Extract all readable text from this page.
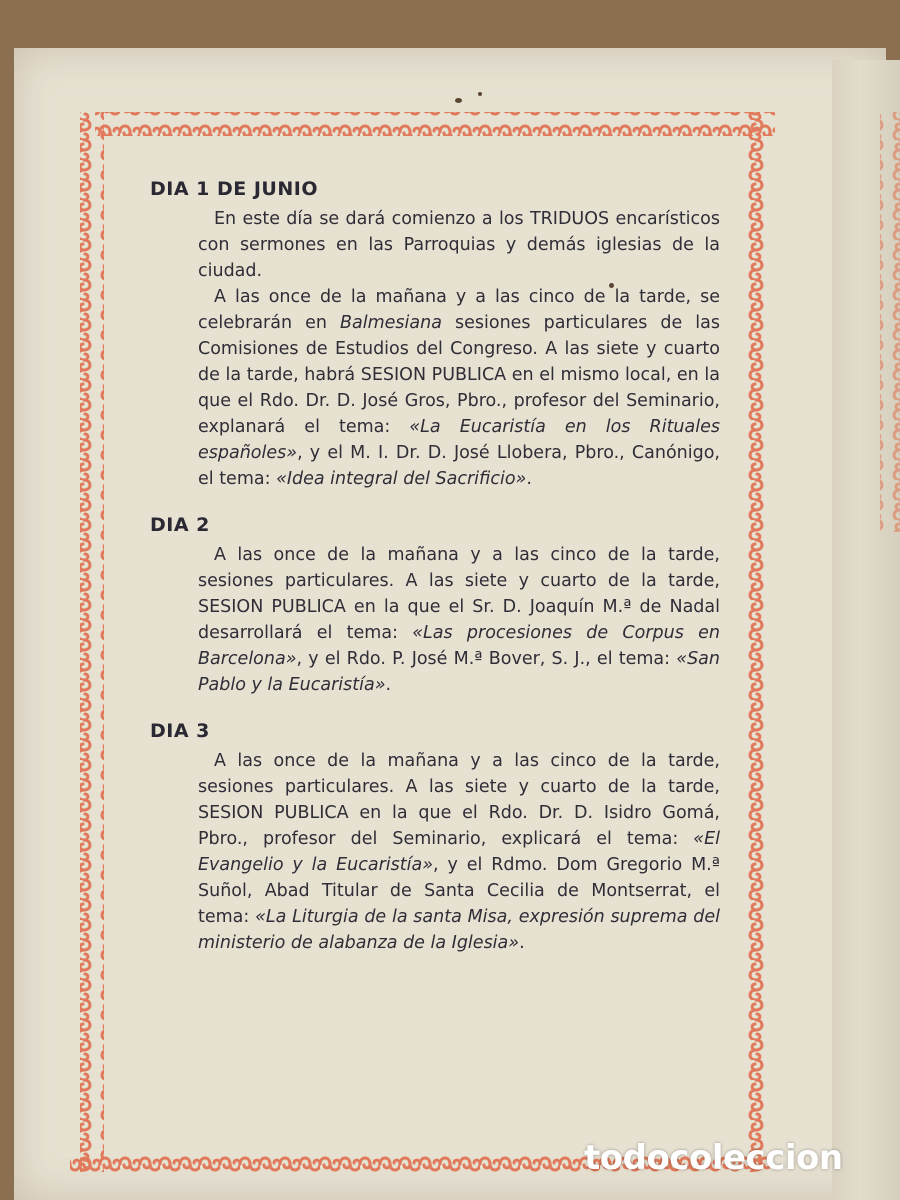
DIA 1 DE JUNIO

En este día se dará comienzo a los TRIDUOS encarísticos con sermones en las Parroquias y demás iglesias de la ciudad.

A las once de la mañana y a las cinco de la tarde, se celebrarán en Balmesiana sesiones particulares de las Comisiones de Estudios del Congreso. A las siete y cuarto de la tarde, habrá SESION PUBLICA en el mismo local, en la que el Rdo. Dr. D. José Gros, Pbro., profesor del Seminario, explanará el tema: «La Eucaristía en los Rituales españoles», y el M. I. Dr. D. José Llobera, Pbro., Canónigo, el tema: «Idea integral del Sacrificio».

DIA 2

A las once de la mañana y a las cinco de la tarde, sesiones particulares. A las siete y cuarto de la tarde, SESION PUBLICA en la que el Sr. D. Joaquín M.ª de Nadal desarrollará el tema: «Las procesiones de Corpus en Barcelona», y el Rdo. P. José M.ª Bover, S. J., el tema: «San Pablo y la Eucaristía».

DIA 3

A las once de la mañana y a las cinco de la tarde, sesiones particulares. A las siete y cuarto de la tarde, SESION PUBLICA en la que el Rdo. Dr. D. Isidro Gomá, Pbro., profesor del Seminario, explicará el tema: «El Evangelio y la Eucaristía», y el Rdmo. Dom Gregorio M.ª Suñol, Abad Titular de Santa Cecilia de Montserrat, el tema: «La Liturgia de la santa Misa, expresión suprema del ministerio de alabanza de la Iglesia».

todocoleccion
